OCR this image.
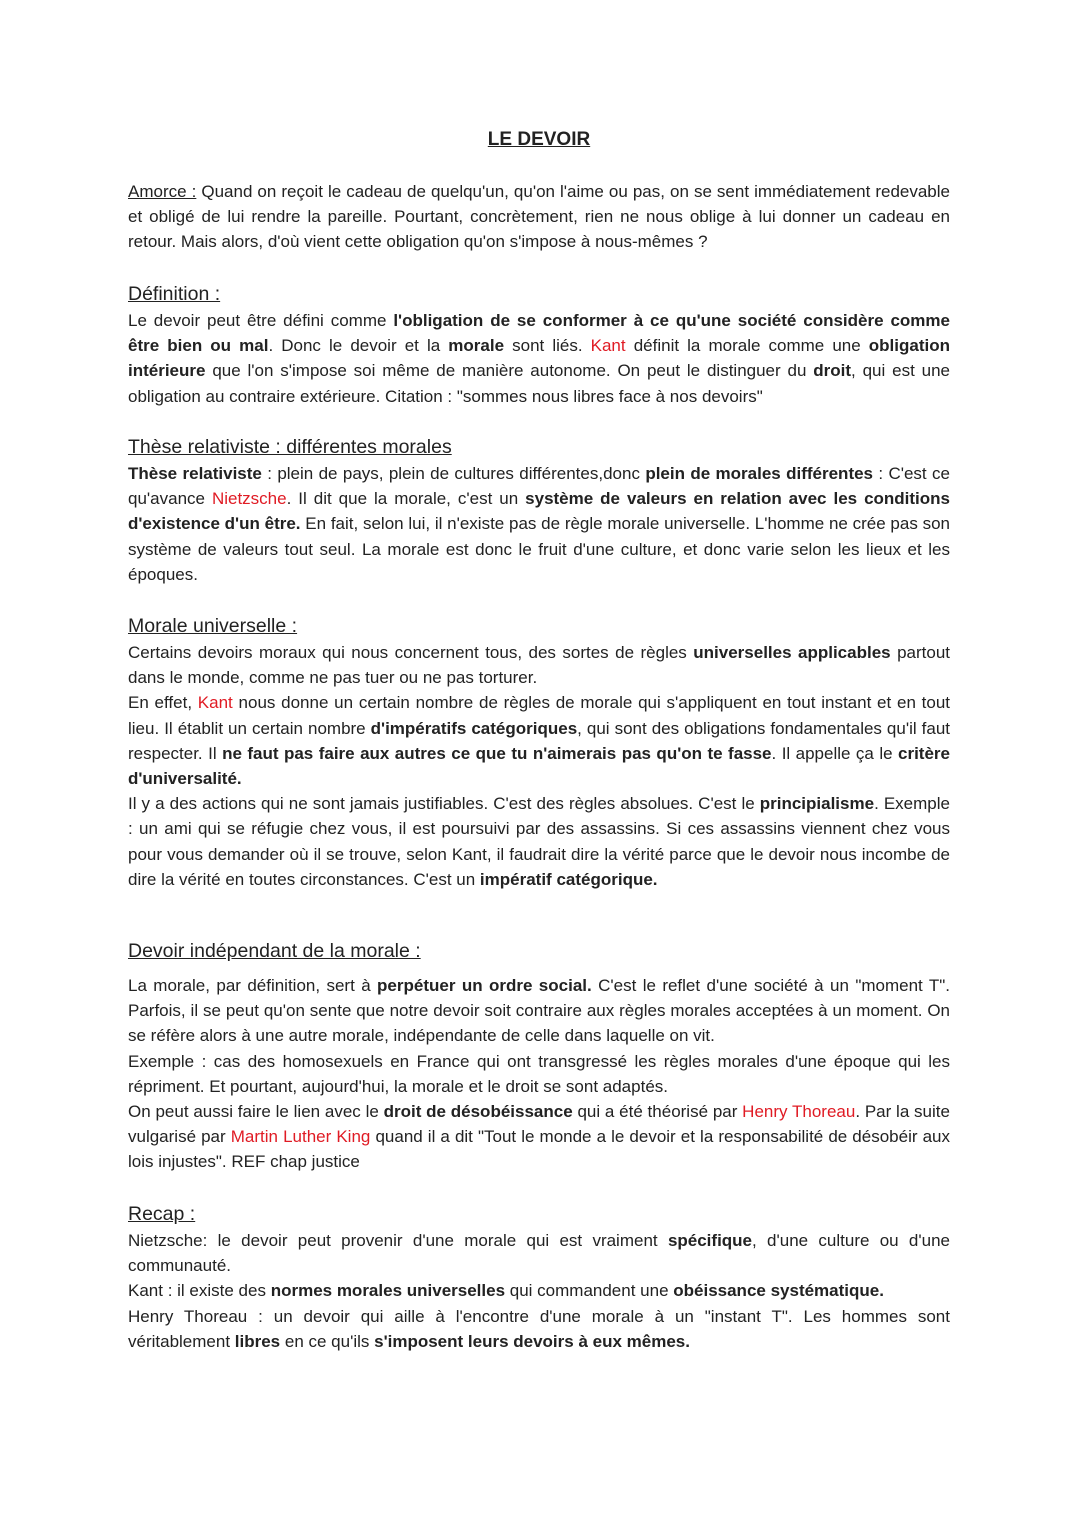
LE DEVOIR

Amorce : Quand on reçoit le cadeau de quelqu'un, qu'on l'aime ou pas, on se sent immédiatement redevable et obligé de lui rendre la pareille. Pourtant, concrètement, rien ne nous oblige à lui donner un cadeau en retour. Mais alors, d'où vient cette obligation qu'on s'impose à nous-mêmes ?

Définition :

Le devoir peut être défini comme l'obligation de se conformer à ce qu'une société considère comme être bien ou mal. Donc le devoir et la morale sont liés. Kant définit la morale comme une obligation intérieure que l'on s'impose soi même de manière autonome. On peut le distinguer du droit, qui est une obligation au contraire extérieure. Citation : "sommes nous libres face à nos devoirs"

Thèse relativiste : différentes morales

Thèse relativiste : plein de pays, plein de cultures différentes,donc plein de morales différentes : C'est ce qu'avance Nietzsche. Il dit que la morale, c'est un système de valeurs en relation avec les conditions d'existence d'un être. En fait, selon lui, il n'existe pas de règle morale universelle. L'homme ne crée pas son système de valeurs tout seul. La morale est donc le fruit d'une culture, et donc varie selon les lieux et les époques.

Morale universelle :

Certains devoirs moraux qui nous concernent tous, des sortes de règles universelles applicables partout dans le monde, comme ne pas tuer ou ne pas torturer.

En effet, Kant nous donne un certain nombre de règles de morale qui s'appliquent en tout instant et en tout lieu. Il établit un certain nombre d'impératifs catégoriques, qui sont des obligations fondamentales qu'il faut respecter. Il ne faut pas faire aux autres ce que tu n'aimerais pas qu'on te fasse. Il appelle ça le critère d'universalité.

Il y a des actions qui ne sont jamais justifiables. C'est des règles absolues. C'est le principialisme. Exemple : un ami qui se réfugie chez vous, il est poursuivi par des assassins. Si ces assassins viennent chez vous pour vous demander où il se trouve, selon Kant, il faudrait dire la vérité parce que le devoir nous incombe de dire la vérité en toutes circonstances. C'est un impératif catégorique.

Devoir indépendant de la morale :

La morale, par définition, sert à perpétuer un ordre social. C'est le reflet d'une société à un "moment T". Parfois, il se peut qu'on sente que notre devoir soit contraire aux règles morales acceptées à un moment. On se réfère alors à une autre morale, indépendante de celle dans laquelle on vit.

Exemple : cas des homosexuels en France qui ont transgressé les règles morales d'une époque qui les répriment. Et pourtant, aujourd'hui, la morale et le droit se sont adaptés.

On peut aussi faire le lien avec le droit de désobéissance qui a été théorisé par Henry Thoreau. Par la suite vulgarisé par Martin Luther King quand il a dit "Tout le monde a le devoir et la responsabilité de désobéir aux lois injustes". REF chap justice

Recap :

Nietzsche: le devoir peut provenir d'une morale qui est vraiment spécifique, d'une culture ou d'une communauté.

Kant : il existe des normes morales universelles qui commandent une obéissance systématique.

Henry Thoreau : un devoir qui aille à l'encontre d'une morale à un "instant T". Les hommes sont véritablement libres en ce qu'ils s'imposent leurs devoirs à eux mêmes.
